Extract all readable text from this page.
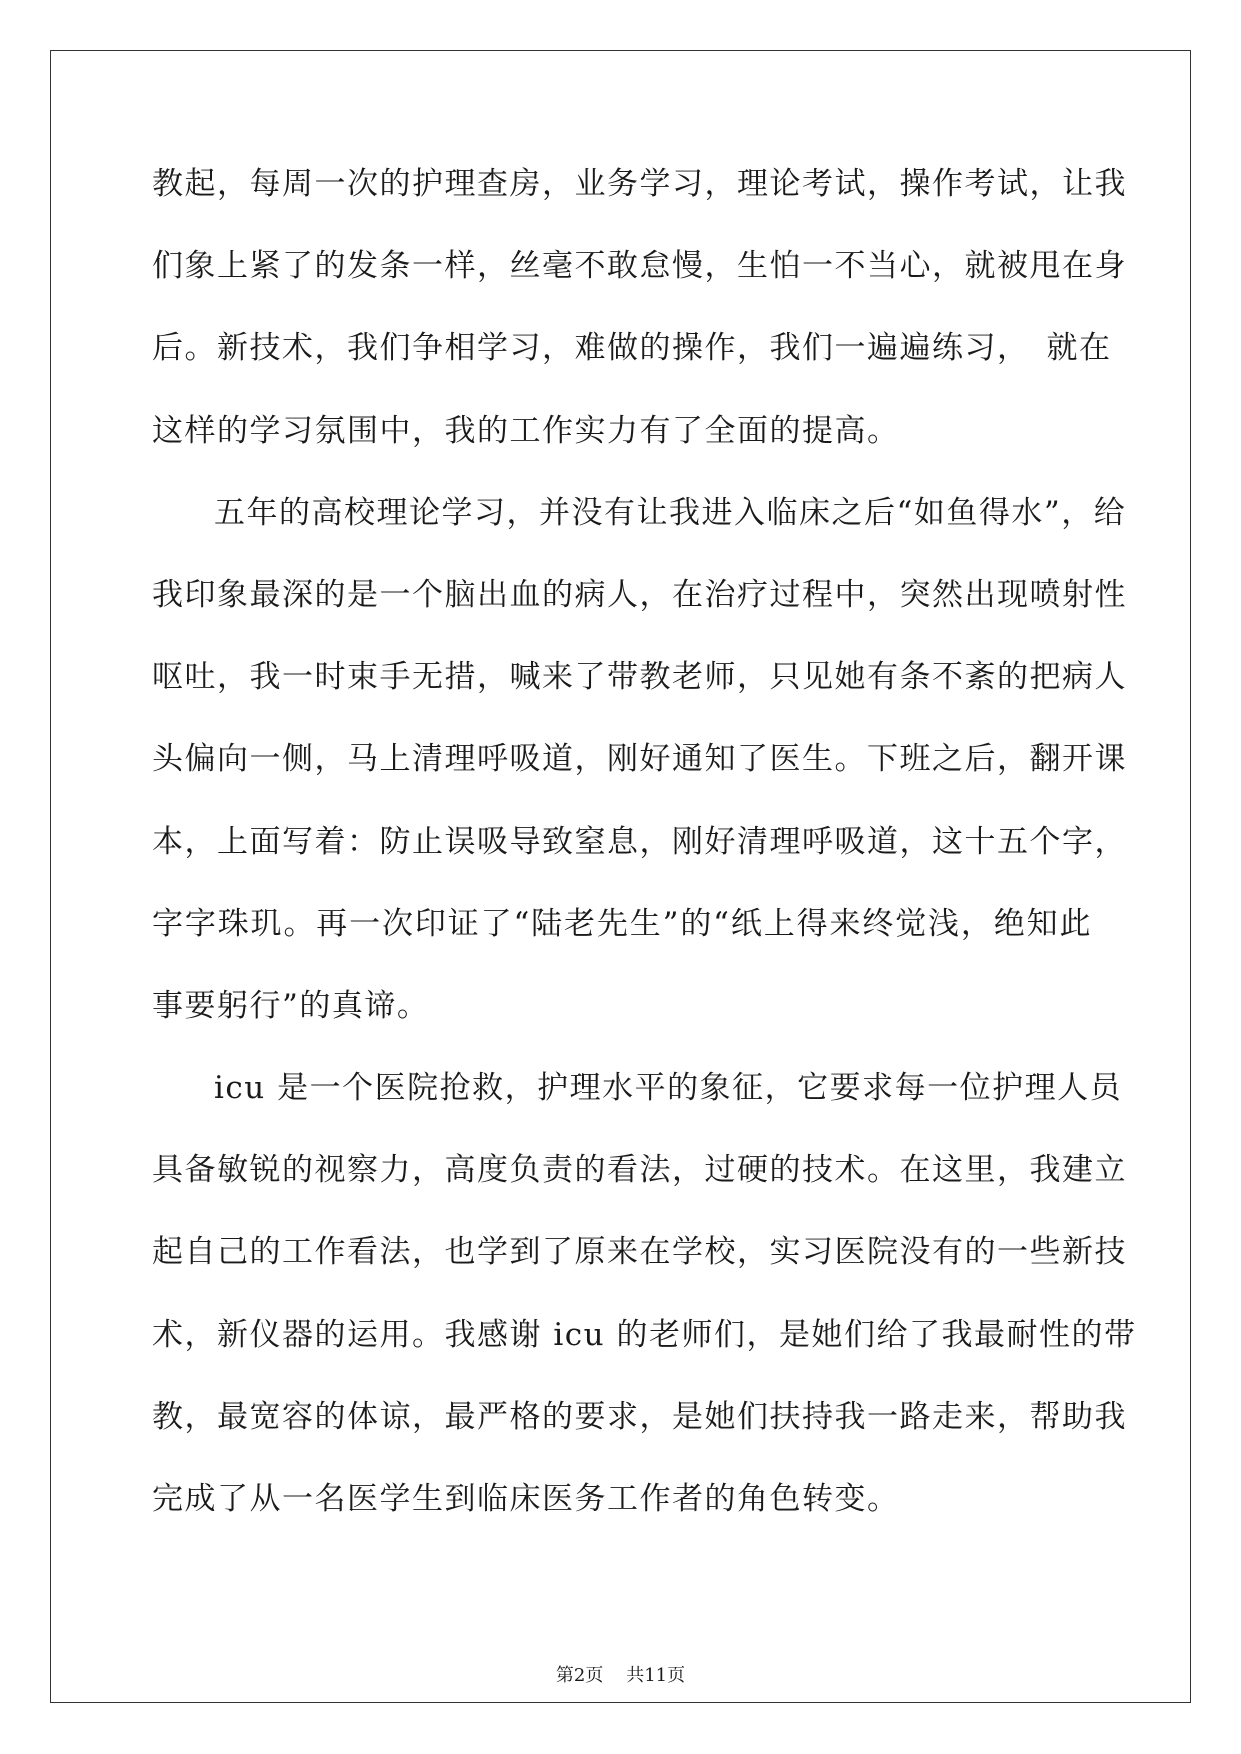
教起，每周一次的护理查房，业务学习，理论考试，操作考试，让我
们象上紧了的发条一样，丝毫不敢怠慢，生怕一不当心，就被甩在身
后。新技术，我们争相学习，难做的操作，我们一遍遍练习，　就在
这样的学习氛围中，我的工作实力有了全面的提高。
五年的高校理论学习，并没有让我进入临床之后“如鱼得水”，给
我印象最深的是一个脑出血的病人，在治疗过程中，突然出现喷射性
呕吐，我一时束手无措，喊来了带教老师，只见她有条不紊的把病人
头偏向一侧，马上清理呼吸道，刚好通知了医生。下班之后，翻开课
本，上面写着：防止误吸导致窒息，刚好清理呼吸道，这十五个字，
字字珠玑。再一次印证了“陆老先生”的“纸上得来终觉浅，绝知此
事要躬行”的真谛。
icu 是一个医院抢救，护理水平的象征，它要求每一位护理人员
具备敏锐的视察力，高度负责的看法，过硬的技术。在这里，我建立
起自己的工作看法，也学到了原来在学校，实习医院没有的一些新技
术，新仪器的运用。我感谢 icu 的老师们，是她们给了我最耐性的带
教，最宽容的体谅，最严格的要求，是她们扶持我一路走来，帮助我
完成了从一名医学生到临床医务工作者的角色转变。
第2页 共11页
